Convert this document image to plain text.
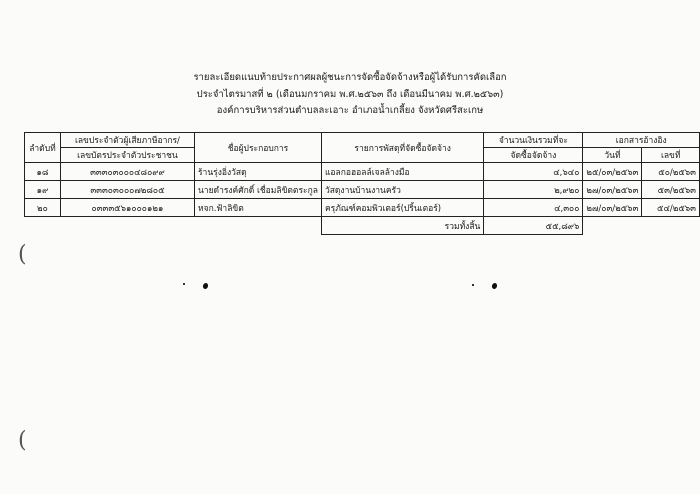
รายละเอียดแนบท้ายประกาศผลผู้ชนะการจัดซื้อจัดจ้างหรือผู้ได้รับการคัดเลือก
ประจำไตรมาสที่ ๒ (เดือนมกราคม พ.ศ.๒๕๖๓ ถึง เดือนมีนาคม พ.ศ.๒๕๖๓)
องค์การบริหารส่วนตำบลละเอาะ อำเภอน้ำเกลี้ยง จังหวัดศรีสะเกษ
ลำดับที่	เลขประจำตัวผู้เสียภาษีอากร/	ชื่อผู้ประกอบการ	รายการพัสดุที่จัดซื้อจัดจ้าง	จำนวนเงินรวมที่จะ	เอกสารอ้างอิง	
	เลขบัตรประจำตัวประชาชน			จัดซื้อจัดจ้าง	วันที่	เลขที่
๑๘	๓๓๓๐๓๐๐๐๔๘๐๙๙	ร้านรุ่งอิ่งวัสดุ	แอลกอฮอลล์เจลล้างมือ	๔,๖๔๐	๒๕/๐๓/๒๕๖๓	๕๐/๒๕๖๓
๑๙	๓๓๓๐๓๐๐๐๗๒๘๐๕	นายดำรงค์ศักดิ์ เชื่อมลิขิตตระกูล	วัสดุงานบ้านงานครัว	๒,๙๒๐	๒๗/๐๓/๒๕๖๓	๕๓/๒๕๖๓
๒๐	๐๓๓๓๕๖๑๐๐๐๑๒๑	หจก.ฟ้าลิขิต	ครุภัณฑ์คอมพิวเตอร์(ปริ้นเตอร์)	๔,๓๐๐	๒๗/๐๓/๒๕๖๓	๕๔/๒๕๖๓
			รวมทั้งสิ้น	๕๕,๘๙๖		
(
(
